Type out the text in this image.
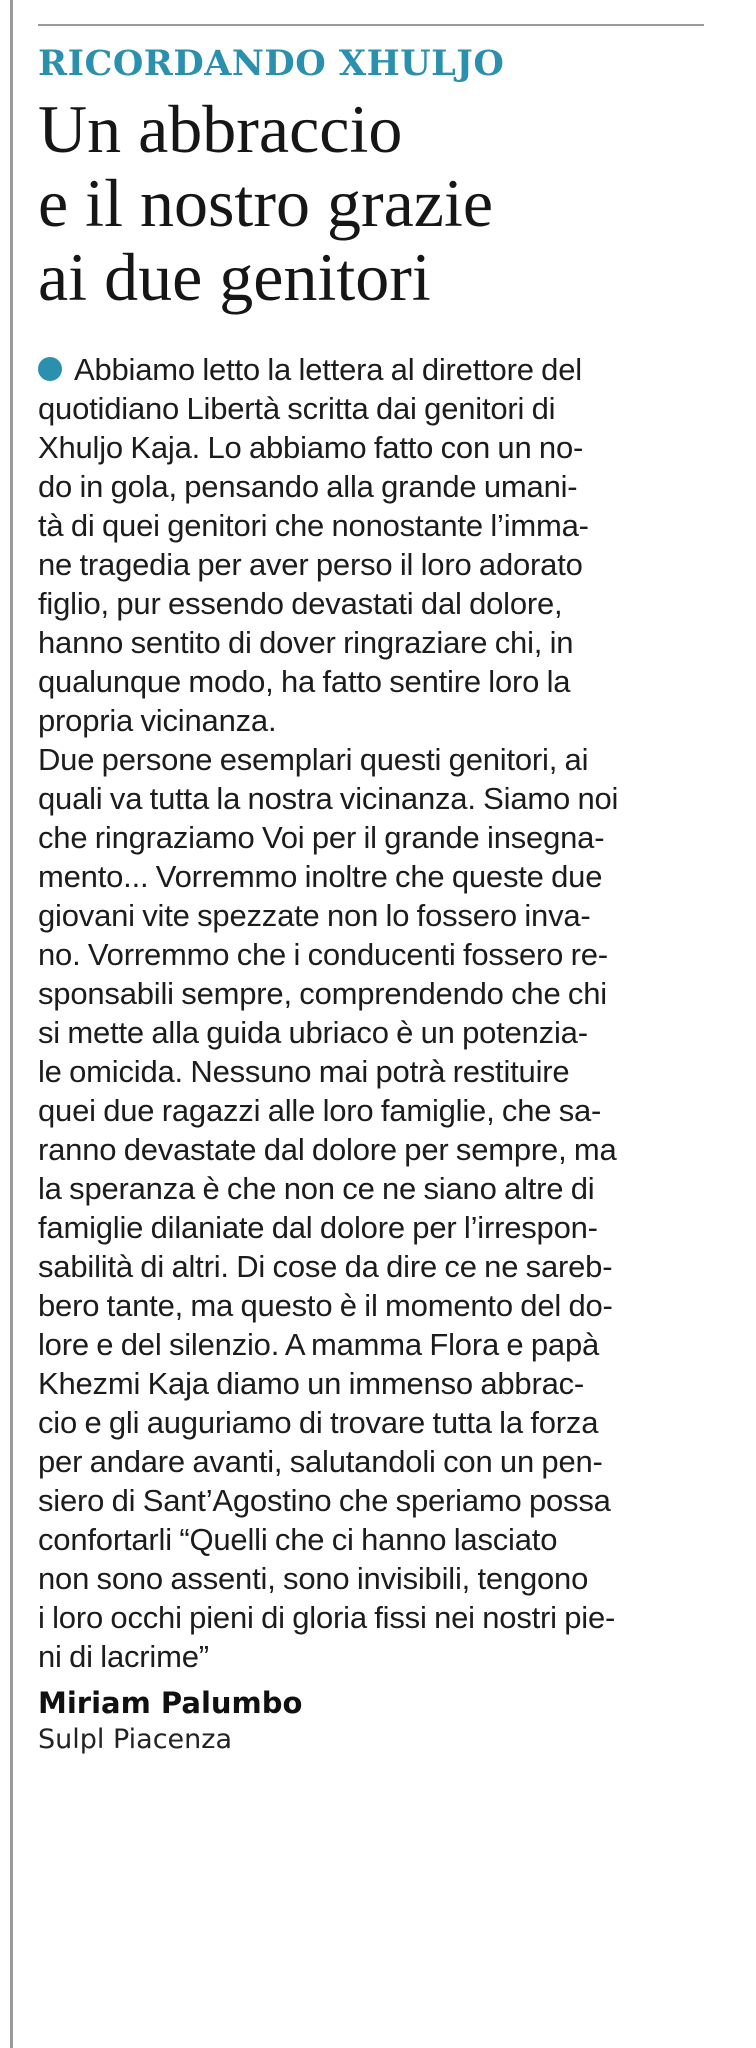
RICORDANDO XHULJO
Un abbraccio
e il nostro grazie
ai due genitori
Abbiamo letto la lettera al direttore del
quotidiano Libertà scritta dai genitori di
Xhuljo Kaja. Lo abbiamo fatto con un no-
do in gola, pensando alla grande umani-
tà di quei genitori che nonostante l’imma-
ne tragedia per aver perso il loro adorato
figlio, pur essendo devastati dal dolore,
hanno sentito di dover ringraziare chi, in
qualunque modo, ha fatto sentire loro la
propria vicinanza.
Due persone esemplari questi genitori, ai
quali va tutta la nostra vicinanza. Siamo noi
che ringraziamo Voi per il grande insegna-
mento... Vorremmo inoltre che queste due
giovani vite spezzate non lo fossero inva-
no. Vorremmo che i conducenti fossero re-
sponsabili sempre, comprendendo che chi
si mette alla guida ubriaco è un potenzia-
le omicida. Nessuno mai potrà restituire
quei due ragazzi alle loro famiglie, che sa-
ranno devastate dal dolore per sempre, ma
la speranza è che non ce ne siano altre di
famiglie dilaniate dal dolore per l’irrespon-
sabilità di altri. Di cose da dire ce ne sareb-
bero tante, ma questo è il momento del do-
lore e del silenzio. A mamma Flora e papà
Khezmi Kaja diamo un immenso abbrac-
cio e gli auguriamo di trovare tutta la forza
per andare avanti, salutandoli con un pen-
siero di Sant’Agostino che speriamo possa
confortarli “Quelli che ci hanno lasciato
non sono assenti, sono invisibili, tengono
i loro occhi pieni di gloria fissi nei nostri pie-
ni di lacrime”
Miriam Palumbo
Sulpl Piacenza
